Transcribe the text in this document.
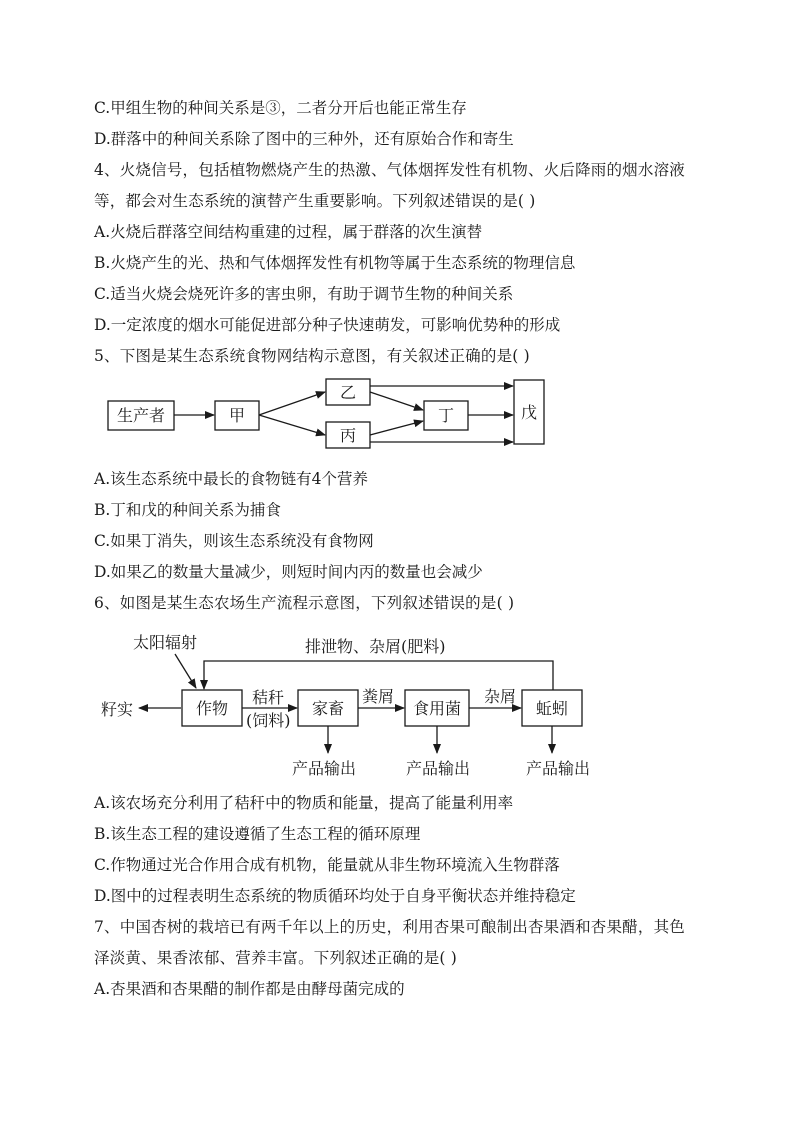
C.甲组生物的种间关系是③，二者分开后也能正常生存
D.群落中的种间关系除了图中的三种外，还有原始合作和寄生
4、火烧信号，包括植物燃烧产生的热激、气体烟挥发性有机物、火后降雨的烟水溶液
等，都会对生态系统的演替产生重要影响。下列叙述错误的是( )
A.火烧后群落空间结构重建的过程，属于群落的次生演替
B.火烧产生的光、热和气体烟挥发性有机物等属于生态系统的物理信息
C.适当火烧会烧死许多的害虫卵，有助于调节生物的种间关系
D.一定浓度的烟水可能促进部分种子快速萌发，可影响优势种的形成
5、下图是某生态系统食物网结构示意图，有关叙述正确的是( )
生产者	甲
乙
丙
丁	戊
A.该生态系统中最长的食物链有4个营养
B.丁和戊的种间关系为捕食
C.如果丁消失，则该生态系统没有食物网
D.如果乙的数量大量减少，则短时间内丙的数量也会减少
6、如图是某生态农场生产流程示意图，下列叙述错误的是( )
太阳辐射	排泄物、杂屑(肥料)
籽实
秸秆
(饲料)
粪屑	杂屑
产品输出	产品输出	产品输出
作物	家畜	食用菌	蚯蚓
A.该农场充分利用了秸秆中的物质和能量，提高了能量利用率
B.该生态工程的建设遵循了生态工程的循环原理
C.作物通过光合作用合成有机物，能量就从非生物环境流入生物群落
D.图中的过程表明生态系统的物质循环均处于自身平衡状态并维持稳定
7、中国杏树的栽培已有两千年以上的历史，利用杏果可酿制出杏果酒和杏果醋，其色
泽淡黄、果香浓郁、营养丰富。下列叙述正确的是( )
A.杏果酒和杏果醋的制作都是由酵母菌完成的
